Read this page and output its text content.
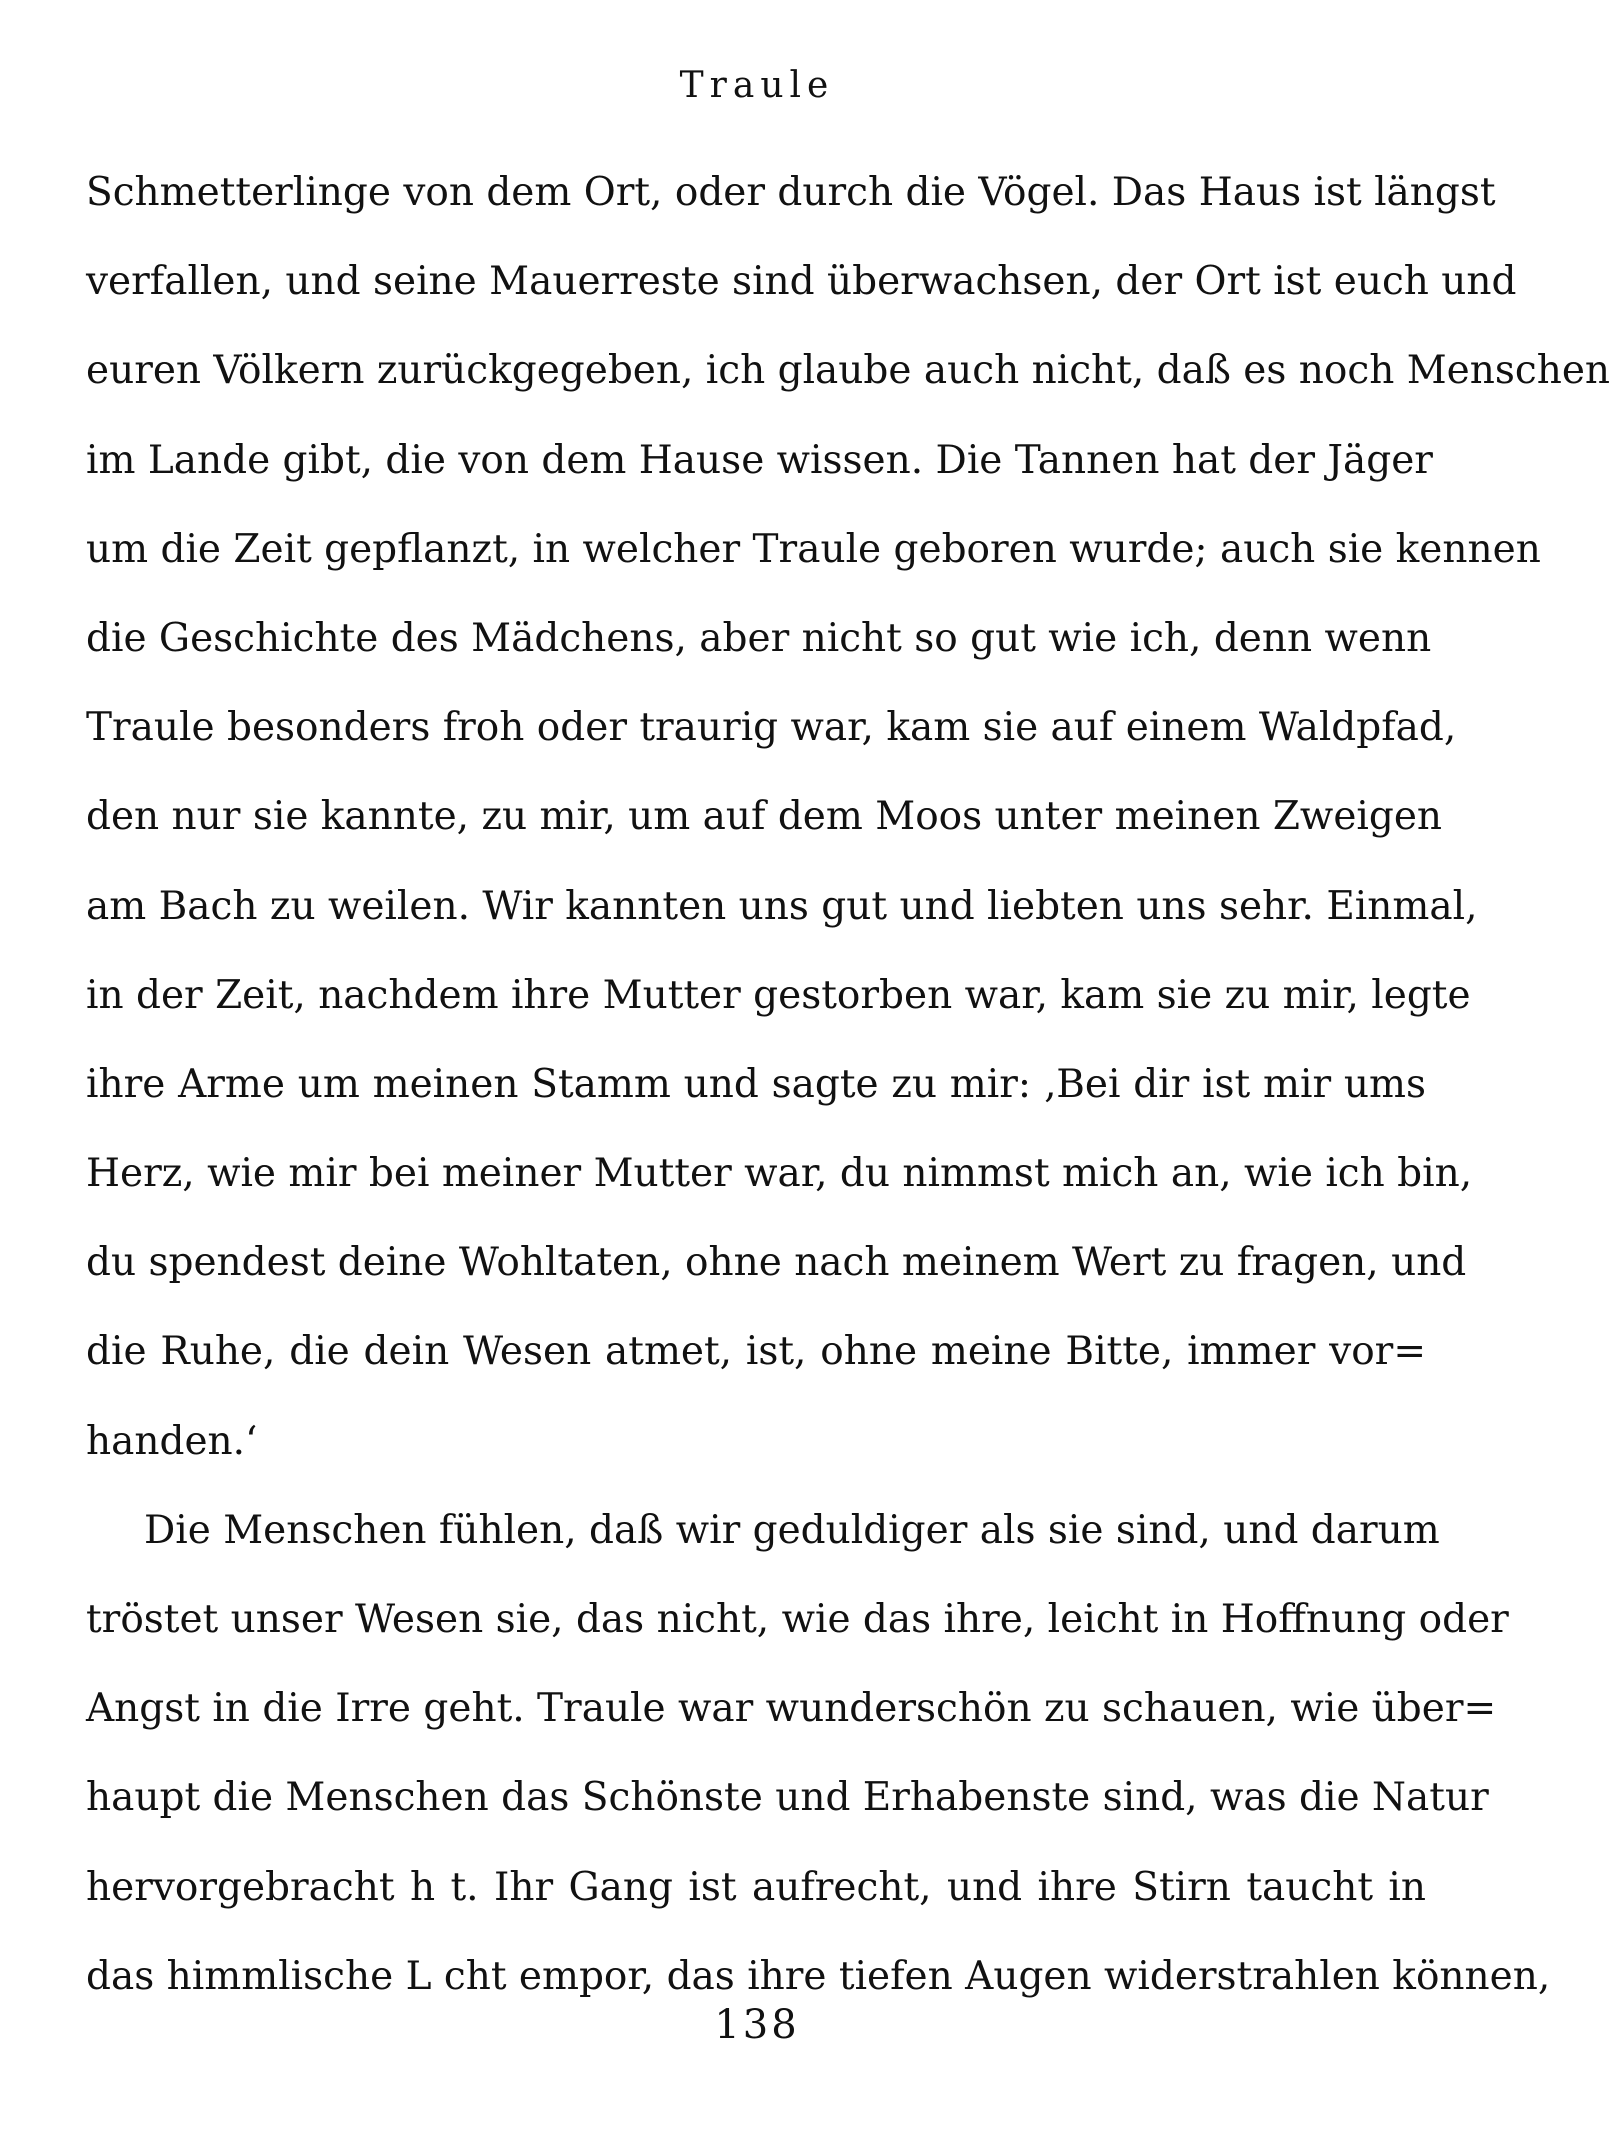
Traule
Schmetterlinge von dem Ort, oder durch die Vögel. Das Haus ist längst
verfallen, und seine Mauerreste sind überwachsen, der Ort ist euch und
euren Völkern zurückgegeben, ich glaube auch nicht, daß es noch Menschen
im Lande gibt, die von dem Hause wissen. Die Tannen hat der Jäger
um die Zeit gepflanzt, in welcher Traule geboren wurde; auch sie kennen
die Geschichte des Mädchens, aber nicht so gut wie ich, denn wenn
Traule besonders froh oder traurig war, kam sie auf einem Waldpfad,
den nur sie kannte, zu mir, um auf dem Moos unter meinen Zweigen
am Bach zu weilen. Wir kannten uns gut und liebten uns sehr. Einmal,
in der Zeit, nachdem ihre Mutter gestorben war, kam sie zu mir, legte
ihre Arme um meinen Stamm und sagte zu mir: ‚Bei dir ist mir ums
Herz, wie mir bei meiner Mutter war, du nimmst mich an, wie ich bin,
du spendest deine Wohltaten, ohne nach meinem Wert zu fragen, und
die Ruhe, die dein Wesen atmet, ist, ohne meine Bitte, immer vor=
handen.‘
Die Menschen fühlen, daß wir geduldiger als sie sind, und darum
tröstet unser Wesen sie, das nicht, wie das ihre, leicht in Hoffnung oder
Angst in die Irre geht. Traule war wunderschön zu schauen, wie über=
haupt die Menschen das Schönste und Erhabenste sind, was die Natur
hervorgebracht h t. Ihr Gang ist aufrecht, und ihre Stirn taucht in
das himmlische L cht empor, das ihre tiefen Augen widerstrahlen können,
138
